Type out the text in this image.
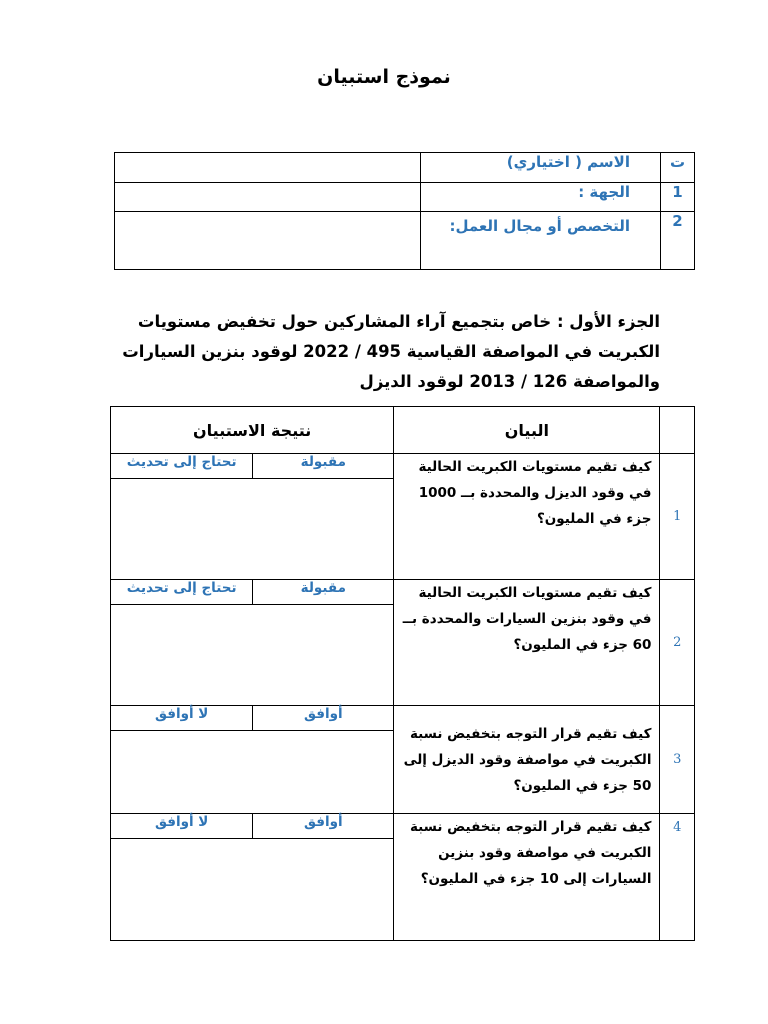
نموذج استبيان
ت	الاسم ( اختياري)	
1	الجهة :	
2	التخصص أو مجال العمل:	
الجزء الأول : خاص بتجميع آراء المشاركين حول تخفيض مستويات الكبريت في المواصفة القياسية 495 / 2022 لوقود بنزين السيارات والمواصفة 126 / 2013 لوقود الديزل
	البيان	نتيجة الاستبيان
1	كيف تقيم مستويات الكبريت الحالية في وقود الديزل والمحددة بــ 1000 جزء في المليون؟	مقبولة
تحتاج إلى تحديث

2	كيف تقيم مستويات الكبريت الحالية في وقود بنزين السيارات والمحددة بــ 60 جزء في المليون؟	مقبولة
تحتاج إلى تحديث

3	كيف تقيم قرار التوجه بتخفيض نسبة الكبريت في مواصفة وقود الديزل إلى 50 جزء في المليون؟	أوافق
لا أوافق

4	كيف تقيم قرار التوجه بتخفيض نسبة الكبريت في مواصفة وقود بنزين السيارات إلى 10 جزء في المليون؟	أوافق
لا أوافق
